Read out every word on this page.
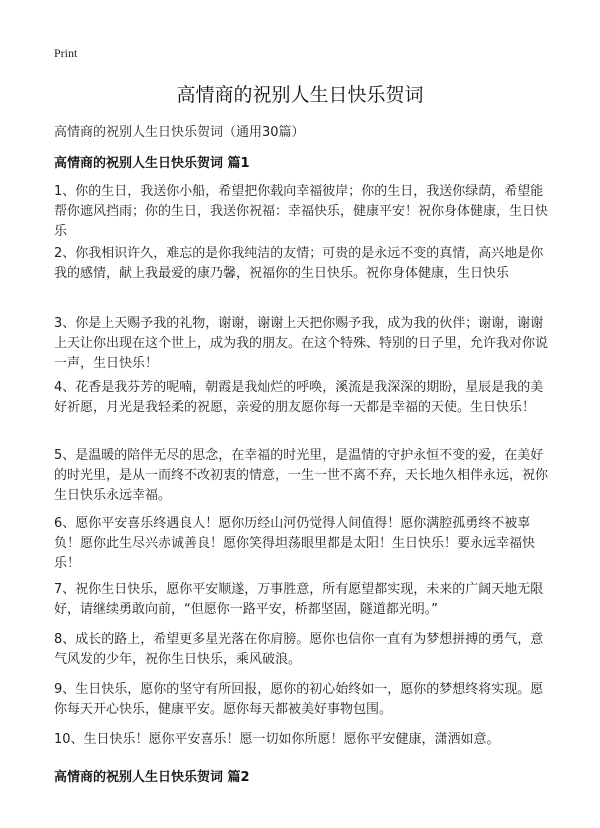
Print
高情商的祝别人生日快乐贺词
高情商的祝别人生日快乐贺词（通用30篇）
高情商的祝别人生日快乐贺词 篇1

1、你的生日，我送你小船，希望把你载向幸福彼岸；你的生日，我送你绿荫，希望能帮你遮风挡雨；你的生日，我送你祝福：幸福快乐，健康平安！祝你身体健康，生日快乐

2、你我相识许久，难忘的是你我纯洁的友情；可贵的是永远不变的真情，高兴地是你我的感情，献上我最爱的康乃馨，祝福你的生日快乐。祝你身体健康，生日快乐

3、你是上天赐予我的礼物，谢谢，谢谢上天把你赐予我，成为我的伙伴；谢谢，谢谢上天让你出现在这个世上，成为我的朋友。在这个特殊、特别的日子里，允许我对你说一声，生日快乐！

4、花香是我芬芳的呢喃，朝霞是我灿烂的呼唤，溪流是我深深的期盼，星辰是我的美好祈愿，月光是我轻柔的祝愿，亲爱的朋友愿你每一天都是幸福的天使。生日快乐！

5、是温暖的陪伴无尽的思念，在幸福的时光里，是温情的守护永恒不变的爱，在美好的时光里，是从一而终不改初衷的情意，一生一世不离不弃，天长地久相伴永远，祝你生日快乐永远幸福。

6、愿你平安喜乐终遇良人！愿你历经山河仍觉得人间值得！愿你满腔孤勇终不被辜负！愿你此生尽兴赤诚善良！愿你笑得坦荡眼里都是太阳！生日快乐！要永远幸福快乐！

7、祝你生日快乐，愿你平安顺遂，万事胜意，所有愿望都实现，未来的广阔天地无限好，请继续勇敢向前，“但愿你一路平安，桥都坚固，隧道都光明。”

8、成长的路上，希望更多星光落在你肩膀。愿你也信你一直有为梦想拼搏的勇气，意气风发的少年，祝你生日快乐，乘风破浪。

9、生日快乐，愿你的坚守有所回报，愿你的初心始终如一，愿你的梦想终将实现。愿你每天开心快乐，健康平安。愿你每天都被美好事物包围。

10、生日快乐！愿你平安喜乐！愿一切如你所愿！愿你平安健康，潇洒如意。

高情商的祝别人生日快乐贺词 篇2
